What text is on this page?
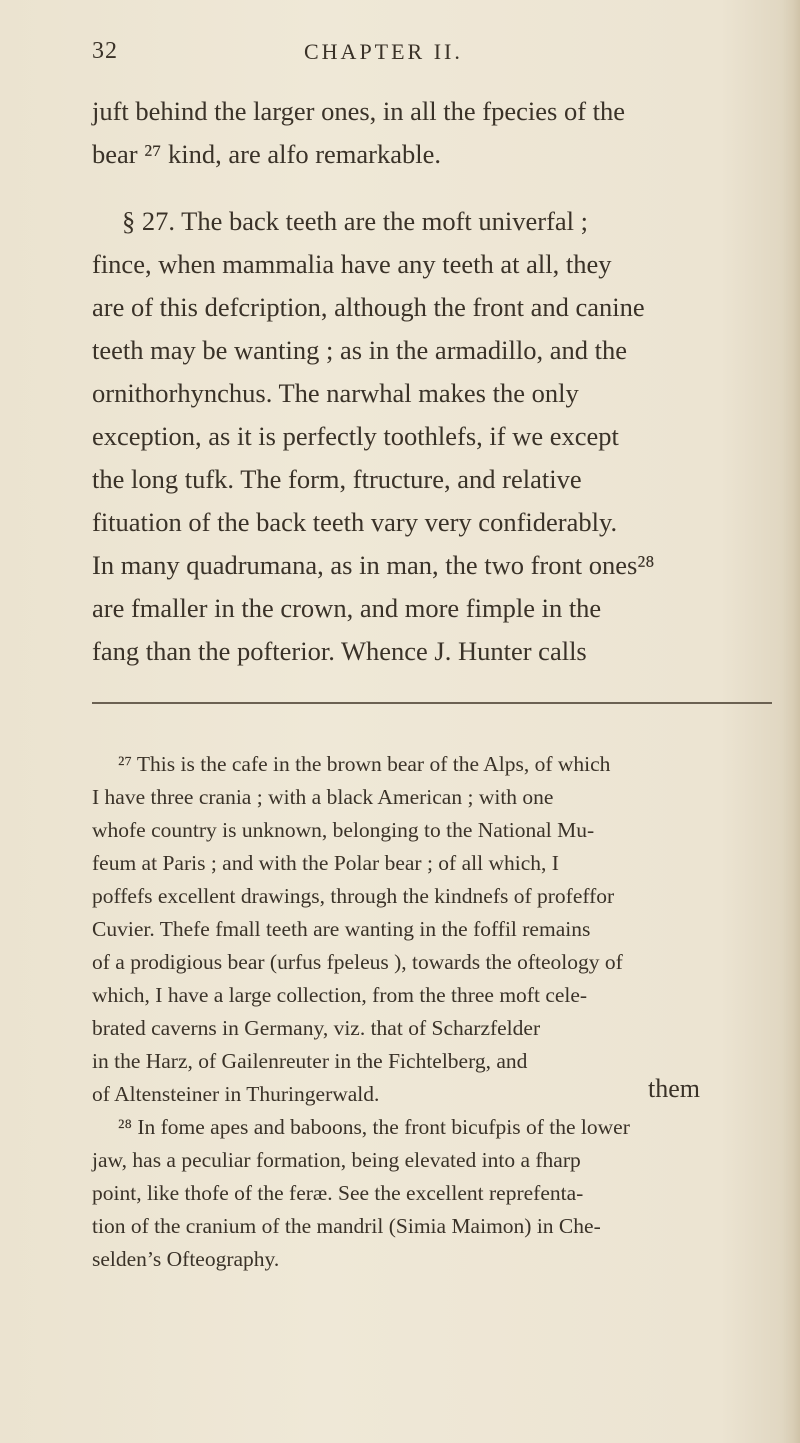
32	CHAPTER II.

juft behind the larger ones, in all the fpecies of the

bear ²⁷ kind, are alfo remarkable.

§ 27. The back teeth are the moft univerfal ;

fince, when mammalia have any teeth at all, they

are of this defcription, although the front and canine

teeth may be wanting ; as in the armadillo, and the

ornithorhynchus. The narwhal makes the only

exception, as it is perfectly toothlefs, if we except

the long tufk. The form, ftructure, and relative

fituation of the back teeth vary very confiderably.

In many quadrumana, as in man, the two front ones²⁸

are fmaller in the crown, and more fimple in the

fang than the pofterior. Whence J. Hunter calls

²⁷ This is the cafe in the brown bear of the Alps, of which

I have three crania ; with a black American ; with one

whofe country is unknown, belonging to the National Mu-

feum at Paris ; and with the Polar bear ; of all which, I

poffefs excellent drawings, through the kindnefs of profeffor

Cuvier. Thefe fmall teeth are wanting in the foffil remains

of a prodigious bear (urfus fpeleus ), towards the ofteology of

which, I have a large collection, from the three moft cele-

brated caverns in Germany, viz. that of Scharzfelder

in the Harz, of Gailenreuter in the Fichtelberg, and

of Altensteiner in Thuringerwald.

²⁸ In fome apes and baboons, the front bicufpis of the lower

jaw, has a peculiar formation, being elevated into a fharp

point, like thofe of the feræ. See the excellent reprefenta-

tion of the cranium of the mandril (Simia Maimon) in Che-

selden’s Ofteography.

them
